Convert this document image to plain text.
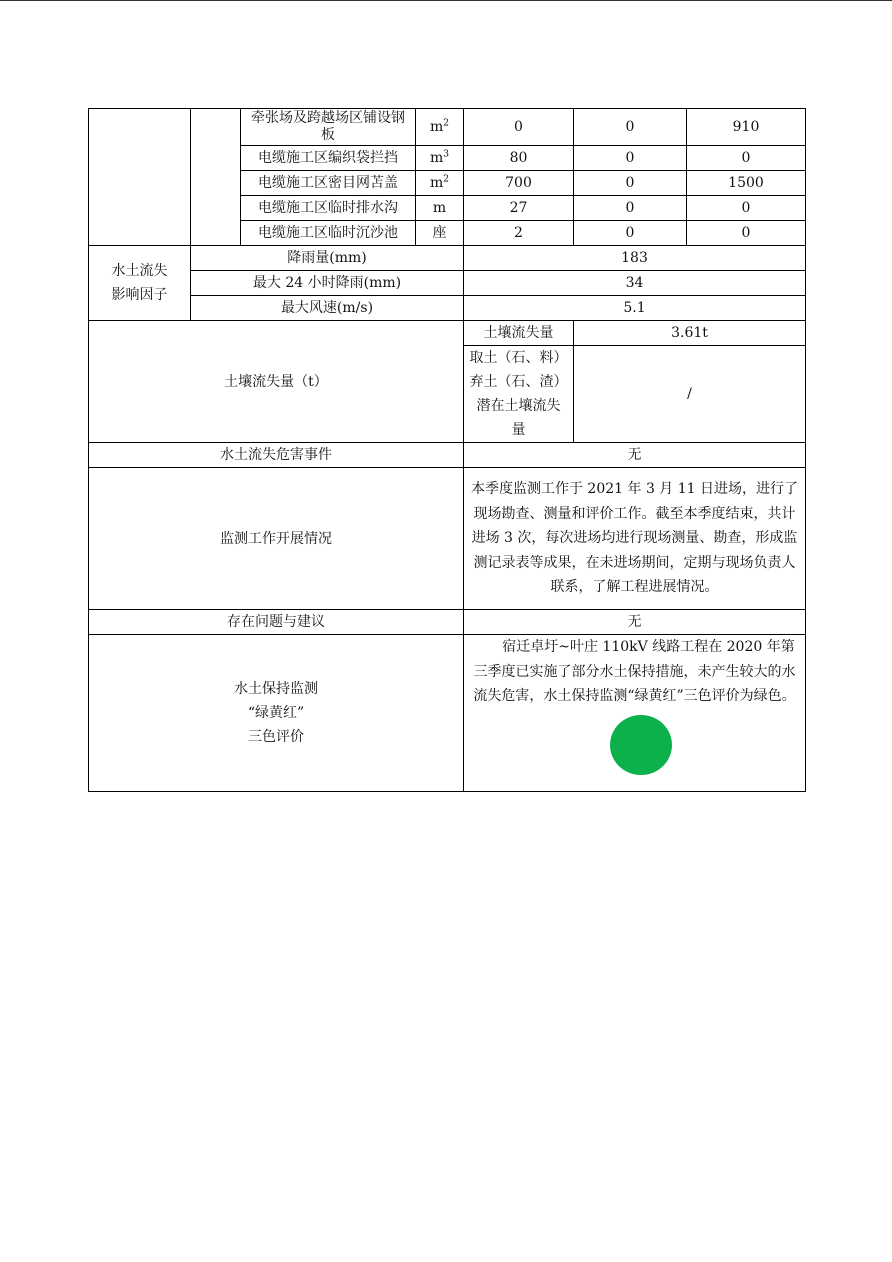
		牵张场及跨越场区铺设钢板	$m^2$	0	0	910
		电缆施工区编织袋拦挡	$m^3$	80	0	0
		电缆施工区密目网苫盖	$m^2$	700	0	1500
		电缆施工区临时排水沟	m	27	0	0
		电缆施工区临时沉沙池	座	2	0	0

水土流失
影响因子	降雨量(mm)			183		
	最大 24 小时降雨(mm)			34		
	最大风速(m/s)			5.1		
土壤流失量（t）				土壤流失量	3.61t	

				取土（石、料）
弃土（石、渣）
潜在土壤流失
量	/	
水土流失危害事件				无		
监测工作开展情况				本季度监测工作于 2021 年 3 月 11 日进场，进行了现场勘查、测量和评价工作。截至本季度结束，共计进场 3 次，每次进场均进行现场测量、勘查，形成监测记录表等成果，在未进场期间，定期与现场负责人联系，了解工程进展情况。		
存在问题与建议				无		

水土保持监测
“绿黄红”
三色评价				宿迁卓圩~叶庄 110kV 线路工程在 2020 年第三季度已实施了部分水土保持措施，未产生较大的水流失危害，水土保持监测“绿黄红”三色评价为绿色。		
